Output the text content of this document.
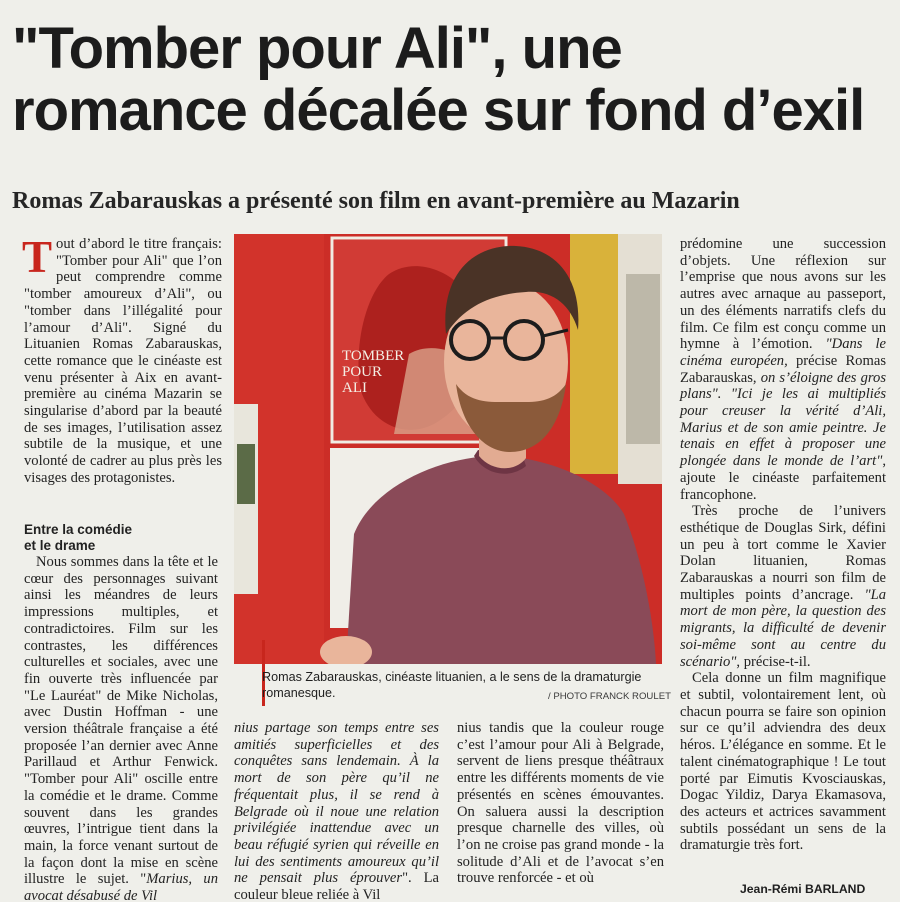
"Tomber pour Ali", une
romance décalée sur fond d’exil
Romas Zabarauskas a présenté son film en avant-première au Mazarin

Tout d’abord le titre français: "Tomber pour Ali" que l’on peut comprendre comme "tomber amoureux d’Ali", ou "tomber dans l’illégalité pour l’amour d’Ali". Signé du Lituanien Romas Zabarauskas, cette romance que le cinéaste est venu présenter à Aix en avant-première au cinéma Mazarin se singularise d’abord par la beauté de ses images, l’utilisation assez subtile de la musique, et une volonté de cadrer au plus près les visages des protagonistes.

Entre la comédie
et le drame

Nous sommes dans la tête et le cœur des personnages suivant ainsi les méandres de leurs impressions multiples, et contradictoires. Film sur les contrastes, les différences culturelles et sociales, avec une fin ouverte très influencée par "Le Lauréat" de Mike Nicholas, avec Dustin Hoffman - une version théâtrale française a été proposée l’an dernier avec Anne Parillaud et Arthur Fenwick. "Tomber pour Ali" oscille entre la comédie et le drame. Comme souvent dans les grandes œuvres, l’intrigue tient dans la main, la force venant surtout de la façon dont la mise en scène illustre le sujet. "Marius, un avocat désabusé de Vil

TOMBER
POUR
ALI
Romas Zabarauskas, cinéaste lituanien, a le sens de la dramaturgie romanesque.	/ PHOTO FRANCK ROULET

nius partage son temps entre ses amitiés superficielles et des conquêtes sans lendemain. À la mort de son père qu’il ne fréquentait plus, il se rend à Belgrade où il noue une relation privilégiée inattendue avec un beau réfugié syrien qui réveille en lui des sentiments amoureux qu’il ne pensait plus éprouver". La couleur bleue reliée à Vil

nius tandis que la couleur rouge c’est l’amour pour Ali à Belgrade, servent de liens presque théâtraux entre les différents moments de vie présentés en scènes émouvantes. On saluera aussi la description presque charnelle des villes, où l’on ne croise pas grand monde - la solitude d’Ali et de l’avocat s’en trouve renforcée - et où

prédomine une succession d’objets. Une réflexion sur l’emprise que nous avons sur les autres avec arnaque au passeport, un des éléments narratifs clefs du film. Ce film est conçu comme un hymne à l’émotion. "Dans le cinéma européen, précise Romas Zabarauskas, on s’éloigne des gros plans". "Ici je les ai multipliés pour creuser la vérité d’Ali, Marius et de son amie peintre. Je tenais en effet à proposer une plongée dans le monde de l’art", ajoute le cinéaste parfaitement francophone.

Très proche de l’univers esthétique de Douglas Sirk, défini un peu à tort comme le Xavier Dolan lituanien, Romas Zabarauskas a nourri son film de multiples points d’ancrage. "La mort de mon père, la question des migrants, la difficulté de devenir soi-même sont au centre du scénario", précise-t-il.

Cela donne un film magnifique et subtil, volontairement lent, où chacun pourra se faire son opinion sur ce qu’il adviendra des deux héros. L’élégance en somme. Et le talent cinématographique ! Le tout porté par Eimutis Kvosciauskas, Dogac Yildiz, Darya Ekamasova, des acteurs et actrices savamment subtils possédant un sens de la dramaturgie très fort.

Jean-Rémi BARLAND
